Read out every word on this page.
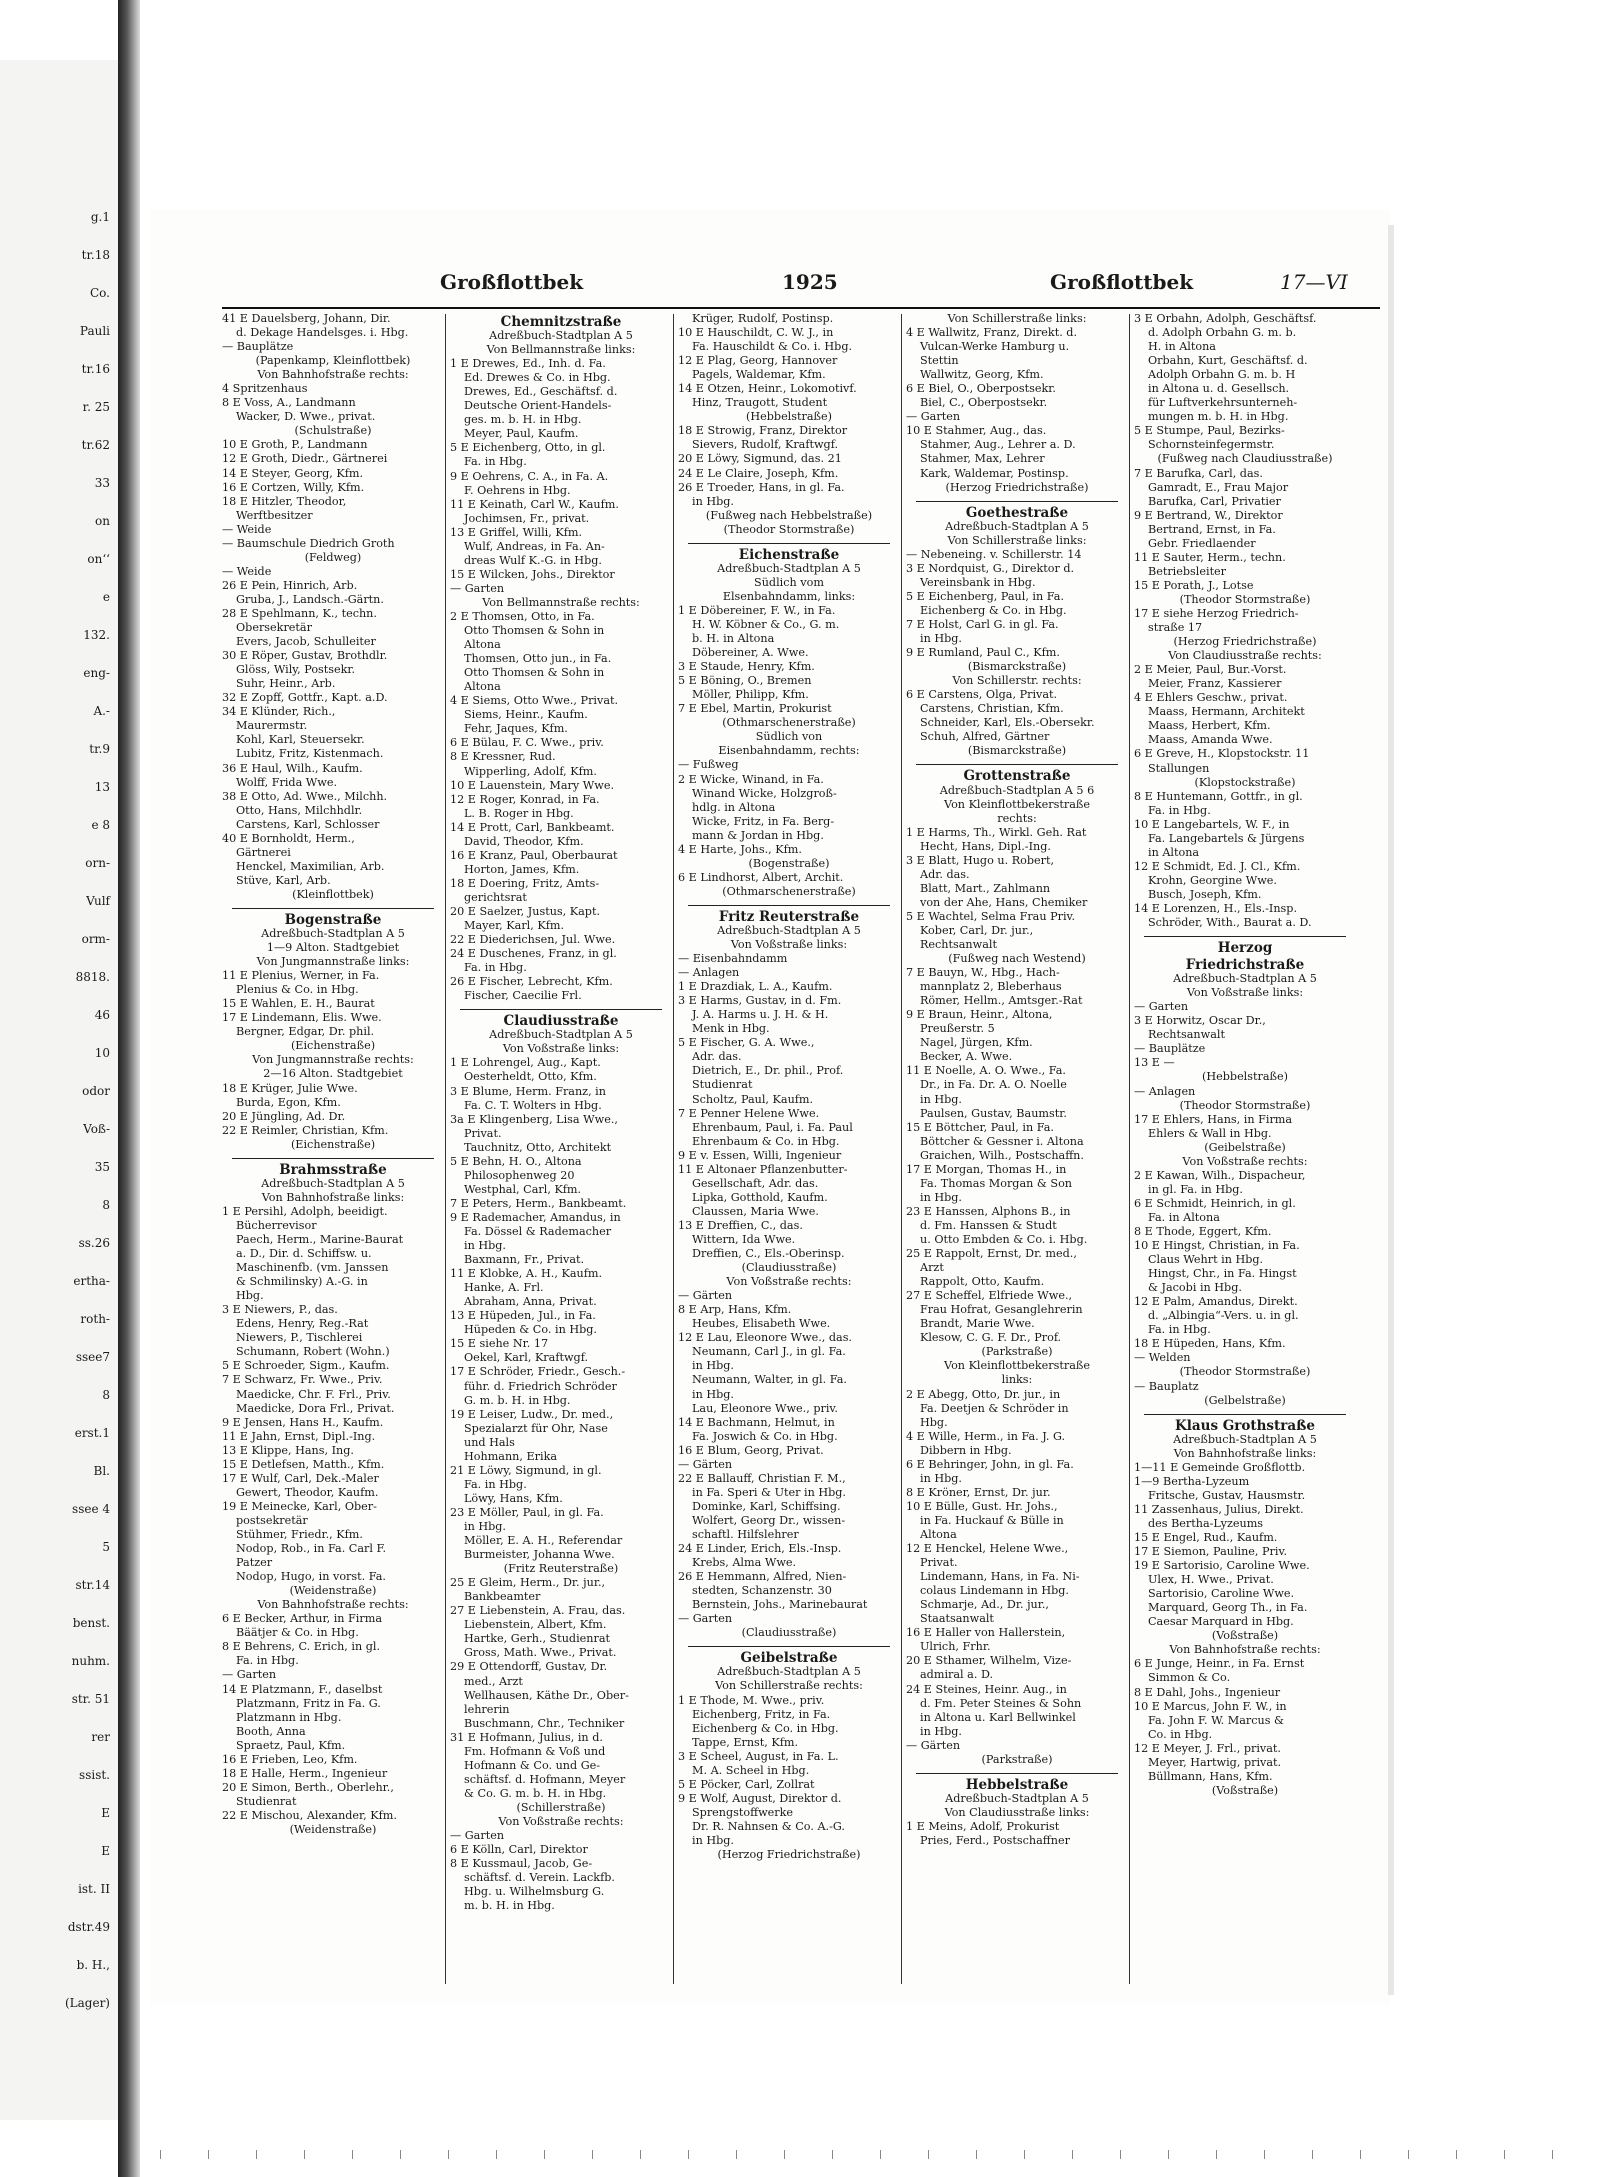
g.1
tr.18
Co.
Pauli
tr.16
r. 25
tr.62
33
on
onʻʻ
e
132.
eng-
A.-
tr.9
13
e 8
orn-
Vulf
orm-
8818.
46
10
odor
Voß-
35
8
ss.26
ertha-
roth-
ssee7
8
erst.1
Bl.
ssee 4
5
str.14
benst.
nuhm.
str. 51
rer
ssist.
E
E
ist. II
dstr.49
b. H.,
(Lager)
Großflottbek	1925	Großflottbek	17—VI
41 E Dauelsberg, Johann, Dir.
d. Dekage Handelsges. i. Hbg.
— Bauplätze
(Papenkamp, Kleinflottbek)
Von Bahnhofstraße rechts:
4 Spritzenhaus
8 E Voss, A., Landmann
Wacker, D. Wwe., privat.
(Schulstraße)
10 E Groth, P., Landmann
12 E Groth, Diedr., Gärtnerei
14 E Steyer, Georg, Kfm.
16 E Cortzen, Willy, Kfm.
18 E Hitzler, Theodor,
Werftbesitzer
— Weide
— Baumschule Diedrich Groth
(Feldweg)
— Weide
26 E Pein, Hinrich, Arb.
Gruba, J., Landsch.-Gärtn.
28 E Spehlmann, K., techn.
Obersekretär
Evers, Jacob, Schulleiter
30 E Röper, Gustav, Brothdlr.
Glöss, Wily, Postsekr.
Suhr, Heinr., Arb.
32 E Zopff, Gottfr., Kapt. a.D.
34 E Klünder, Rich.,
Maurermstr.
Kohl, Karl, Steuersekr.
Lubitz, Fritz, Kistenmach.
36 E Haul, Wilh., Kaufm.
Wolff, Frida Wwe.
38 E Otto, Ad. Wwe., Milchh.
Otto, Hans, Milchhdlr.
Carstens, Karl, Schlosser
40 E Bornholdt, Herm.,
Gärtnerei
Henckel, Maximilian, Arb.
Stüve, Karl, Arb.
(Kleinflottbek)
Bogenstraße
Adreßbuch-Stadtplan A 5
1—9 Alton. Stadtgebiet
Von Jungmannstraße links:
11 E Plenius, Werner, in Fa.
Plenius & Co. in Hbg.
15 E Wahlen, E. H., Baurat
17 E Lindemann, Elis. Wwe.
Bergner, Edgar, Dr. phil.
(Eichenstraße)
Von Jungmannstraße rechts:
2—16 Alton. Stadtgebiet
18 E Krüger, Julie Wwe.
Burda, Egon, Kfm.
20 E Jüngling, Ad. Dr.
22 E Reimler, Christian, Kfm.
(Eichenstraße)
Brahmsstraße
Adreßbuch-Stadtplan A 5
Von Bahnhofstraße links:
1 E Persihl, Adolph, beeidigt.
Bücherrevisor
Paech, Herm., Marine-Baurat
a. D., Dir. d. Schiffsw. u.
Maschinenfb. (vm. Janssen
& Schmilinsky) A.-G. in
Hbg.
3 E Niewers, P., das.
Edens, Henry, Reg.-Rat
Niewers, P., Tischlerei
Schumann, Robert (Wohn.)
5 E Schroeder, Sigm., Kaufm.
7 E Schwarz, Fr. Wwe., Priv.
Maedicke, Chr. F. Frl., Priv.
Maedicke, Dora Frl., Privat.
9 E Jensen, Hans H., Kaufm.
11 E Jahn, Ernst, Dipl.-Ing.
13 E Klippe, Hans, Ing.
15 E Detlefsen, Matth., Kfm.
17 E Wulf, Carl, Dek.-Maler
Gewert, Theodor, Kaufm.
19 E Meinecke, Karl, Ober-
postsekretär
Stühmer, Friedr., Kfm.
Nodop, Rob., in Fa. Carl F.
Patzer
Nodop, Hugo, in vorst. Fa.
(Weidenstraße)
Von Bahnhofstraße rechts:
6 E Becker, Arthur, in Firma
Bäätjer & Co. in Hbg.
8 E Behrens, C. Erich, in gl.
Fa. in Hbg.
— Garten
14 E Platzmann, F., daselbst
Platzmann, Fritz in Fa. G.
Platzmann in Hbg.
Booth, Anna
Spraetz, Paul, Kfm.
16 E Frieben, Leo, Kfm.
18 E Halle, Herm., Ingenieur
20 E Simon, Berth., Oberlehr.,
Studienrat
22 E Mischou, Alexander, Kfm.
(Weidenstraße)
Chemnitzstraße
Adreßbuch-Stadtplan A 5
Von Bellmannstraße links:
1 E Drewes, Ed., Inh. d. Fa.
Ed. Drewes & Co. in Hbg.
Drewes, Ed., Geschäftsf. d.
Deutsche Orient-Handels-
ges. m. b. H. in Hbg.
Meyer, Paul, Kaufm.
5 E Eichenberg, Otto, in gl.
Fa. in Hbg.
9 E Oehrens, C. A., in Fa. A.
F. Oehrens in Hbg.
11 E Keinath, Carl W., Kaufm.
Jochimsen, Fr., privat.
13 E Griffel, Willi, Kfm.
Wulf, Andreas, in Fa. An-
dreas Wulf K.-G. in Hbg.
15 E Wilcken, Johs., Direktor
— Garten
Von Bellmannstraße rechts:
2 E Thomsen, Otto, in Fa.
Otto Thomsen & Sohn in
Altona
Thomsen, Otto jun., in Fa.
Otto Thomsen & Sohn in
Altona
4 E Siems, Otto Wwe., Privat.
Siems, Heinr., Kaufm.
Fehr, Jaques, Kfm.
6 E Bülau, F. C. Wwe., priv.
8 E Kressner, Rud.
Wipperling, Adolf, Kfm.
10 E Lauenstein, Mary Wwe.
12 E Roger, Konrad, in Fa.
L. B. Roger in Hbg.
14 E Prott, Carl, Bankbeamt.
David, Theodor, Kfm.
16 E Kranz, Paul, Oberbaurat
Horton, James, Kfm.
18 E Doering, Fritz, Amts-
gerichtsrat
20 E Saelzer, Justus, Kapt.
Mayer, Karl, Kfm.
22 E Diederichsen, Jul. Wwe.
24 E Duschenes, Franz, in gl.
Fa. in Hbg.
26 E Fischer, Lebrecht, Kfm.
Fischer, Caecilie Frl.
Claudiusstraße
Adreßbuch-Stadtplan A 5
Von Voßstraße links:
1 E Lohrengel, Aug., Kapt.
Oesterheldt, Otto, Kfm.
3 E Blume, Herm. Franz, in
Fa. C. T. Wolters in Hbg.
3a E Klingenberg, Lisa Wwe.,
Privat.
Tauchnitz, Otto, Architekt
5 E Behn, H. O., Altona
Philosophenweg 20
Westphal, Carl, Kfm.
7 E Peters, Herm., Bankbeamt.
9 E Rademacher, Amandus, in
Fa. Dössel & Rademacher
in Hbg.
Baxmann, Fr., Privat.
11 E Klobke, A. H., Kaufm.
Hanke, A. Frl.
Abraham, Anna, Privat.
13 E Hüpeden, Jul., in Fa.
Hüpeden & Co. in Hbg.
15 E siehe Nr. 17
Oekel, Karl, Kraftwgf.
17 E Schröder, Friedr., Gesch.-
führ. d. Friedrich Schröder
G. m. b. H. in Hbg.
19 E Leiser, Ludw., Dr. med.,
Spezialarzt für Ohr, Nase
und Hals
Hohmann, Erika
21 E Löwy, Sigmund, in gl.
Fa. in Hbg.
Löwy, Hans, Kfm.
23 E Möller, Paul, in gl. Fa.
in Hbg.
Möller, E. A. H., Referendar
Burmeister, Johanna Wwe.
(Fritz Reuterstraße)
25 E Gleim, Herm., Dr. jur.,
Bankbeamter
27 E Liebenstein, A. Frau, das.
Liebenstein, Albert, Kfm.
Hartke, Gerh., Studienrat
Gross, Math. Wwe., Privat.
29 E Ottendorff, Gustav, Dr.
med., Arzt
Wellhausen, Käthe Dr., Ober-
lehrerin
Buschmann, Chr., Techniker
31 E Hofmann, Julius, in d.
Fm. Hofmann & Voß und
Hofmann & Co. und Ge-
schäftsf. d. Hofmann, Meyer
& Co. G. m. b. H. in Hbg.
(Schillerstraße)
Von Voßstraße rechts:
— Garten
6 E Kölln, Carl, Direktor
8 E Kussmaul, Jacob, Ge-
schäftsf. d. Verein. Lackfb.
Hbg. u. Wilhelmsburg G.
m. b. H. in Hbg.
Krüger, Rudolf, Postinsp.
10 E Hauschildt, C. W. J., in
Fa. Hauschildt & Co. i. Hbg.
12 E Plag, Georg, Hannover
Pagels, Waldemar, Kfm.
14 E Otzen, Heinr., Lokomotivf.
Hinz, Traugott, Student
(Hebbelstraße)
18 E Strowig, Franz, Direktor
Sievers, Rudolf, Kraftwgf.
20 E Löwy, Sigmund, das. 21
24 E Le Claire, Joseph, Kfm.
26 E Troeder, Hans, in gl. Fa.
in Hbg.
(Fußweg nach Hebbelstraße)
(Theodor Stormstraße)
Eichenstraße
Adreßbuch-Stadtplan A 5
Südlich vom
Elsenbahndamm, links:
1 E Döbereiner, F. W., in Fa.
H. W. Köbner & Co., G. m.
b. H. in Altona
Döbereiner, A. Wwe.
3 E Staude, Henry, Kfm.
5 E Böning, O., Bremen
Möller, Philipp, Kfm.
7 E Ebel, Martin, Prokurist
(Othmarschenerstraße)
Südlich von
Eisenbahndamm, rechts:
— Fußweg
2 E Wicke, Winand, in Fa.
Winand Wicke, Holzgroß-
hdlg. in Altona
Wicke, Fritz, in Fa. Berg-
mann & Jordan in Hbg.
4 E Harte, Johs., Kfm.
(Bogenstraße)
6 E Lindhorst, Albert, Archit.
(Othmarschenerstraße)
Fritz Reuterstraße
Adreßbuch-Stadtplan A 5
Von Voßstraße links:
— Eisenbahndamm
— Anlagen
1 E Drazdiak, L. A., Kaufm.
3 E Harms, Gustav, in d. Fm.
J. A. Harms u. J. H. & H.
Menk in Hbg.
5 E Fischer, G. A. Wwe.,
Adr. das.
Dietrich, E., Dr. phil., Prof.
Studienrat
Scholtz, Paul, Kaufm.
7 E Penner Helene Wwe.
Ehrenbaum, Paul, i. Fa. Paul
Ehrenbaum & Co. in Hbg.
9 E v. Essen, Willi, Ingenieur
11 E Altonaer Pflanzenbutter-
Gesellschaft, Adr. das.
Lipka, Gotthold, Kaufm.
Claussen, Maria Wwe.
13 E Dreffien, C., das.
Wittern, Ida Wwe.
Dreffien, C., Els.-Oberinsp.
(Claudiusstraße)
Von Voßstraße rechts:
— Gärten
8 E Arp, Hans, Kfm.
Heubes, Elisabeth Wwe.
12 E Lau, Eleonore Wwe., das.
Neumann, Carl J., in gl. Fa.
in Hbg.
Neumann, Walter, in gl. Fa.
in Hbg.
Lau, Eleonore Wwe., priv.
14 E Bachmann, Helmut, in
Fa. Joswich & Co. in Hbg.
16 E Blum, Georg, Privat.
— Gärten
22 E Ballauff, Christian F. M.,
in Fa. Speri & Uter in Hbg.
Dominke, Karl, Schiffsing.
Wolfert, Georg Dr., wissen-
schaftl. Hilfslehrer
24 E Linder, Erich, Els.-Insp.
Krebs, Alma Wwe.
26 E Hemmann, Alfred, Nien-
stedten, Schanzenstr. 30
Bernstein, Johs., Marinebaurat
— Garten
(Claudiusstraße)
Geibelstraße
Adreßbuch-Stadtplan A 5
Von Schillerstraße rechts:
1 E Thode, M. Wwe., priv.
Eichenberg, Fritz, in Fa.
Eichenberg & Co. in Hbg.
Tappe, Ernst, Kfm.
3 E Scheel, August, in Fa. L.
M. A. Scheel in Hbg.
5 E Pöcker, Carl, Zollrat
9 E Wolf, August, Direktor d.
Sprengstoffwerke
Dr. R. Nahnsen & Co. A.-G.
in Hbg.
(Herzog Friedrichstraße)
Von Schillerstraße links:
4 E Wallwitz, Franz, Direkt. d.
Vulcan-Werke Hamburg u.
Stettin
Wallwitz, Georg, Kfm.
6 E Biel, O., Oberpostsekr.
Biel, C., Oberpostsekr.
— Garten
10 E Stahmer, Aug., das.
Stahmer, Aug., Lehrer a. D.
Stahmer, Max, Lehrer
Kark, Waldemar, Postinsp.
(Herzog Friedrichstraße)
Goethestraße
Adreßbuch-Stadtplan A 5
Von Schillerstraße links:
— Nebeneing. v. Schillerstr. 14
3 E Nordquist, G., Direktor d.
Vereinsbank in Hbg.
5 E Eichenberg, Paul, in Fa.
Eichenberg & Co. in Hbg.
7 E Holst, Carl G. in gl. Fa.
in Hbg.
9 E Rumland, Paul C., Kfm.
(Bismarckstraße)
Von Schillerstr. rechts:
6 E Carstens, Olga, Privat.
Carstens, Christian, Kfm.
Schneider, Karl, Els.-Obersekr.
Schuh, Alfred, Gärtner
(Bismarckstraße)
Grottenstraße
Adreßbuch-Stadtplan A 5 6
Von Kleinflottbekerstraße
rechts:
1 E Harms, Th., Wirkl. Geh. Rat
Hecht, Hans, Dipl.-Ing.
3 E Blatt, Hugo u. Robert,
Adr. das.
Blatt, Mart., Zahlmann
von der Ahe, Hans, Chemiker
5 E Wachtel, Selma Frau Priv.
Kober, Carl, Dr. jur.,
Rechtsanwalt
(Fußweg nach Westend)
7 E Bauyn, W., Hbg., Hach-
mannplatz 2, Bleberhaus
Römer, Hellm., Amtsger.-Rat
9 E Braun, Heinr., Altona,
Preußerstr. 5
Nagel, Jürgen, Kfm.
Becker, A. Wwe.
11 E Noelle, A. O. Wwe., Fa.
Dr., in Fa. Dr. A. O. Noelle
in Hbg.
Paulsen, Gustav, Baumstr.
15 E Böttcher, Paul, in Fa.
Böttcher & Gessner i. Altona
Graichen, Wilh., Postschaffn.
17 E Morgan, Thomas H., in
Fa. Thomas Morgan & Son
in Hbg.
23 E Hanssen, Alphons B., in
d. Fm. Hanssen & Studt
u. Otto Embden & Co. i. Hbg.
25 E Rappolt, Ernst, Dr. med.,
Arzt
Rappolt, Otto, Kaufm.
27 E Scheffel, Elfriede Wwe.,
Frau Hofrat, Gesanglehrerin
Brandt, Marie Wwe.
Klesow, C. G. F. Dr., Prof.
(Parkstraße)
Von Kleinflottbekerstraße
links:
2 E Abegg, Otto, Dr. jur., in
Fa. Deetjen & Schröder in
Hbg.
4 E Wille, Herm., in Fa. J. G.
Dibbern in Hbg.
6 E Behringer, John, in gl. Fa.
in Hbg.
8 E Kröner, Ernst, Dr. jur.
10 E Bülle, Gust. Hr. Johs.,
in Fa. Huckauf & Bülle in
Altona
12 E Henckel, Helene Wwe.,
Privat.
Lindemann, Hans, in Fa. Ni-
colaus Lindemann in Hbg.
Schmarje, Ad., Dr. jur.,
Staatsanwalt
16 E Haller von Hallerstein,
Ulrich, Frhr.
20 E Sthamer, Wilhelm, Vize-
admiral a. D.
24 E Steines, Heinr. Aug., in
d. Fm. Peter Steines & Sohn
in Altona u. Karl Bellwinkel
in Hbg.
— Gärten
(Parkstraße)
Hebbelstraße
Adreßbuch-Stadtplan A 5
Von Claudiusstraße links:
1 E Meins, Adolf, Prokurist
Pries, Ferd., Postschaffner
3 E Orbahn, Adolph, Geschäftsf.
d. Adolph Orbahn G. m. b.
H. in Altona
Orbahn, Kurt, Geschäftsf. d.
Adolph Orbahn G. m. b. H
in Altona u. d. Gesellsch.
für Luftverkehrsunterneh-
mungen m. b. H. in Hbg.
5 E Stumpe, Paul, Bezirks-
Schornsteinfegermstr.
(Fußweg nach Claudiusstraße)
7 E Barufka, Carl, das.
Gamradt, E., Frau Major
Barufka, Carl, Privatier
9 E Bertrand, W., Direktor
Bertrand, Ernst, in Fa.
Gebr. Friedlaender
11 E Sauter, Herm., techn.
Betriebsleiter
15 E Porath, J., Lotse
(Theodor Stormstraße)
17 E siehe Herzog Friedrich-
straße 17
(Herzog Friedrichstraße)
Von Claudiusstraße rechts:
2 E Meier, Paul, Bur.-Vorst.
Meier, Franz, Kassierer
4 E Ehlers Geschw., privat.
Maass, Hermann, Architekt
Maass, Herbert, Kfm.
Maass, Amanda Wwe.
6 E Greve, H., Klopstockstr. 11
Stallungen
(Klopstockstraße)
8 E Huntemann, Gottfr., in gl.
Fa. in Hbg.
10 E Langebartels, W. F., in
Fa. Langebartels & Jürgens
in Altona
12 E Schmidt, Ed. J. Cl., Kfm.
Krohn, Georgine Wwe.
Busch, Joseph, Kfm.
14 E Lorenzen, H., Els.-Insp.
Schröder, With., Baurat a. D.
Herzog
Friedrichstraße
Adreßbuch-Stadtplan A 5
Von Voßstraße links:
— Garten
3 E Horwitz, Oscar Dr.,
Rechtsanwalt
— Bauplätze
13 E —
(Hebbelstraße)
— Anlagen
(Theodor Stormstraße)
17 E Ehlers, Hans, in Firma
Ehlers & Wall in Hbg.
(Geibelstraße)
Von Voßstraße rechts:
2 E Kawan, Wilh., Dispacheur,
in gl. Fa. in Hbg.
6 E Schmidt, Heinrich, in gl.
Fa. in Altona
8 E Thode, Eggert, Kfm.
10 E Hingst, Christian, in Fa.
Claus Wehrt in Hbg.
Hingst, Chr., in Fa. Hingst
& Jacobi in Hbg.
12 E Palm, Amandus, Direkt.
d. „Albingia“-Vers. u. in gl.
Fa. in Hbg.
18 E Hüpeden, Hans, Kfm.
— Welden
(Theodor Stormstraße)
— Bauplatz
(Gelbelstraße)
Klaus Grothstraße
Adreßbuch-Stadtplan A 5
Von Bahnhofstraße links:
1—11 E Gemeinde Großflottb.
1—9 Bertha-Lyzeum
Fritsche, Gustav, Hausmstr.
11 Zassenhaus, Julius, Direkt.
des Bertha-Lyzeums
15 E Engel, Rud., Kaufm.
17 E Siemon, Pauline, Priv.
19 E Sartorisio, Caroline Wwe.
Ulex, H. Wwe., Privat.
Sartorisio, Caroline Wwe.
Marquard, Georg Th., in Fa.
Caesar Marquard in Hbg.
(Voßstraße)
Von Bahnhofstraße rechts:
6 E Junge, Heinr., in Fa. Ernst
Simmon & Co.
8 E Dahl, Johs., Ingenieur
10 E Marcus, John F. W., in
Fa. John F. W. Marcus &
Co. in Hbg.
12 E Meyer, J. Frl., privat.
Meyer, Hartwig, privat.
Büllmann, Hans, Kfm.
(Voßstraße)
